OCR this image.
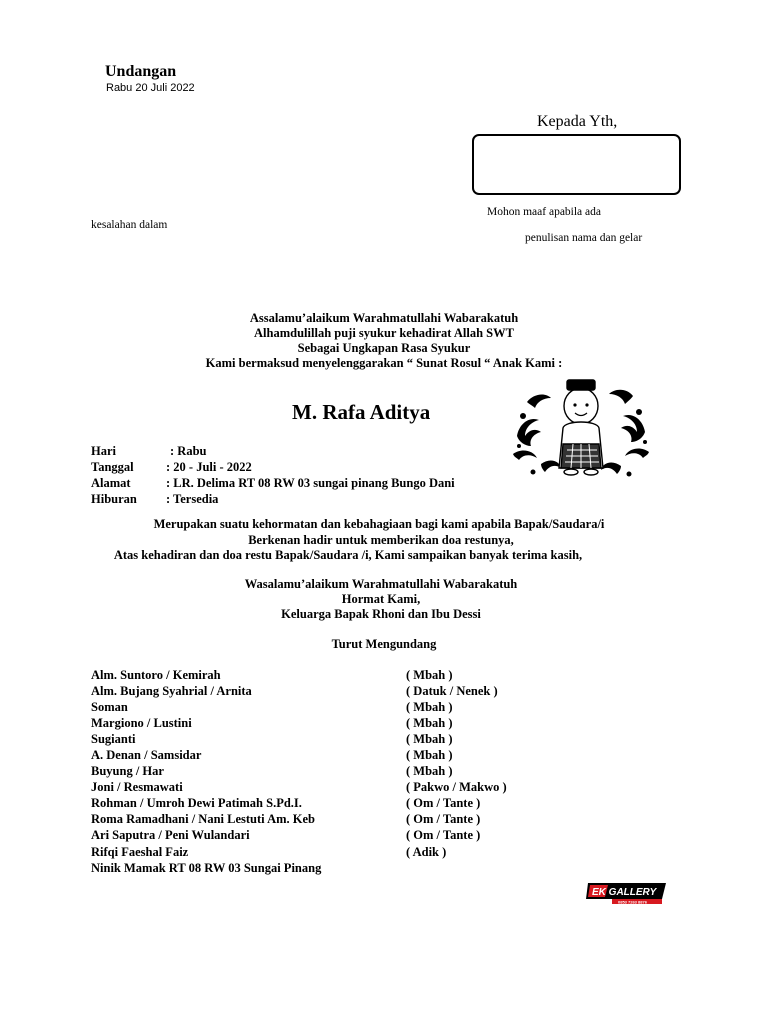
Undangan
Rabu 20 Juli 2022
Kepada Yth,
Mohon maaf apabila ada
kesalahan dalam
penulisan nama dan gelar
Assalamu’alaikum Warahmatullahi Wabarakatuh
Alhamdulillah puji syukur kehadirat Allah SWT
Sebagai Ungkapan Rasa Syukur
Kami bermaksud menyelenggarakan “ Sunat Rosul “ Anak Kami :
M. Rafa Aditya
Hari	: Rabu
Tanggal	: 20 - Juli - 2022
Alamat	: LR. Delima RT 08 RW 03 sungai pinang Bungo Dani
Hiburan : Tersedia
Merupakan suatu kehormatan dan kebahagiaan bagi kami apabila Bapak/Saudara/i
Berkenan hadir untuk memberikan doa restunya,
Atas kehadiran dan doa restu Bapak/Saudara /i, Kami sampaikan banyak terima kasih,
Wasalamu’alaikum Warahmatullahi Wabarakatuh
Hormat Kami,
Keluarga Bapak Rhoni dan Ibu Dessi
Turut Mengundang
Alm. Suntoro / Kemirah	( Mbah )
Alm. Bujang Syahrial / Arnita	( Datuk / Nenek )
Soman	( Mbah )
Margiono / Lustini	( Mbah )
Sugianti	( Mbah )
A. Denan / Samsidar	( Mbah )
Buyung / Har	( Mbah )
Joni / Resmawati	( Pakwo / Makwo )
Rohman / Umroh Dewi Patimah S.Pd.I.	( Om / Tante )
Roma Ramadhani / Nani Lestuti Am. Keb	( Om / Tante )
Ari Saputra / Peni Wulandari	( Om / Tante )
Rifqi Faeshal Faiz	( Adik )
Ninik Mamak RT 08 RW 03 Sungai Pinang
EK GALLERY
0853 7263 8876
